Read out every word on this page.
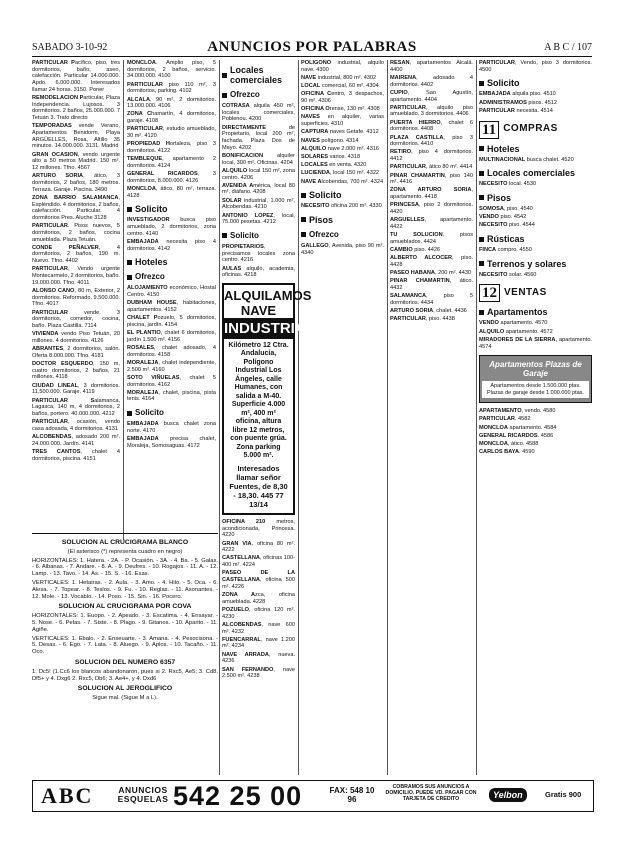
SABADO 3-10-92	ANUNCIOS POR PALABRAS	A B C / 107

PARTICULAR Pacífico, piso, tres dormitorios, baño, aseo, calefacción. Particular 14.000.000. Apdo. 6.000.000. Interesados llamar 24 horas. 3150. Poner

REMODELACION Particular, Plaza Independencia. Lujosos. 3 dormitorios. 2 baños, 25.000.000. 7 Tetuán 3. Trato directo

TEMPORADAS vende Verano, Apartamentos Benidorm, Playa ARGÜELLES, Rosa, Altillo 35 minutos. 14.000.000. 3131. Madrid

GRAN OCASION, vendo urgente alto a 50 metros Madrid. 150 m². 12 millones. Tfno. 4567

ARTURO SORIA, ático, 3 dormitorios, 2 baños, 180 metros. Terraza. Garaje. Piscina. 3490

ZONA BARRIO SALAMANCA, Espléndido. 4 dormitorios, 2 baños, calefacción. Particular. 4 dormitorios Pres. Aluche 3128

PARTICULAR. Pisos nuevos, 5 dormitorios, 2 baños, cocina amueblada. Plaza Tetuán.

CONDE PEÑALVER, 4 dormitorios, 2 baños, 190 m. Nuevo. Tfno. 4402

PARTICULAR, Vendo urgente Montecarmelo, 2 dormitorios, baño. 19.000.000. Tfno. 4011

ALONSO CANO, 80 m, Exterior, 2 dormitorios. Reformado. 9.500.000. Tfno. 4017

PARTICULAR vende. 3 dormitorios, comedor, cocina, baño. Plaza Castilla. 7114

VIVIENDA vendo Piso Tetuán, 20 millones. 4 dormitorios. 4126

ABRANTES, 2 dormitorios, salón. Oferta 8.000.000. Tfno. 4181

DOCTOR ESQUERDO, 150 m, cuatro dormitorios, 2 baños, 21 millones. 4118

CIUDAD LINEAL, 3 dormitorios. 11.500.000. Garaje. 4119

PARTICULAR Salamanca, Lagasca, 140 m, 4 dormitorios, 2 baños, portero. 40.000.000. 4212

PARTICULAR, ocasión, vendo casa adosada, 4 dormitorios. 4131

ALCOBENDAS, adosado 200 m². 24.000.000. Jardín. 4141

TRES CANTOS, chalet 4 dormitorios, piscina. 4151

MONCLOA. Amplio piso, 5 dormitorios, 2 baños, servicio. 34.000.000. 4100

PARTICULAR piso 110 m², 3 dormitorios, parking. 4102

ALCALA, 90 m², 2 dormitorios. 13.000.000. 4106

ZONA Chamartín, 4 dormitorios, garaje. 4108

PARTICULAR, estudio amueblado, 30 m². 4120

PROPIEDAD Hortaleza, piso 3 dormitorios. 4122

TEMBLEQUE, apartamento 2 dormitorios. 4124

GENERAL RICARDOS, 3 dormitorios, 8.000.000. 4126

MONCLOA, ático, 80 m², terraza. 4128

Solicito

INVESTIGADOR busca piso amueblado, 2 dormitorios, zona centro. 4140

EMBAJADA necesita piso 4 dormitorios. 4142

Hoteles
Ofrezco

ALOJAMIENTO económico, Hostal Centro. 4150

DUBHAM HOUSE, habitaciones, apartamentos. 4152

CHALET Pozuelo, 5 dormitorios, piscina, jardín. 4154

EL PLANTIO, chalet 6 dormitorios, jardín 1.500 m². 4156

ROSALES, chalet adosado, 4 dormitorios. 4158

MORALEJA, chalet independiente, 2.500 m². 4160

SOTO VIÑUELAS, chalet 5 dormitorios. 4162

MORALEJA, chalet, piscina, pista tenis. 4164

Solicito

EMBAJADA busca chalet zona norte. 4170

EMBAJADA precisa chalet, Moraleja, Somosaguas. 4172

SOLUCION AL CRUCIGRAMA BLANCO

(El asterisco (*) representa cuadro en negro)

HORIZONTALES: 1. Hatera. - 2A. - P. Ocasión. - 3A. - 4. Ba. - 5. Galas. - 6. Albanas. - 7. Andare. - 8. A. - 9. Deufres. - 10. Rogajos. - 11. A. - 12. Lamp. - 13. Tavo. - 14. As. - 15. S. - 16. Esas.

VERTICALES: 1. Hetairas. - 2. Aula. - 3. Amo. - 4. Hilo. - 5. Oca. - 6. Alesa. - 7. Topear. - 8. Teslos. - 9. Fu. - 10. Reglas. - 11. Asonantes. - 12. Mole. - 13. Vocablo. - 14. Poso. - 15. Sin. - 16. Pocero.

SOLUCION AL CRUCIGRAMA POR COVA

HORIZONTALES: 1. Euopo. - 2. Apeado. - 3. Escatima. - 4. Ensayar. - 5. Nose. - 6. Pelas. - 7. Siste. - 8. Plago. - 9. Gitanos. - 10. Aparito. - 11. Agiñe.

VERTICALES: 1. Ebalo. - 2. Enseuarte. - 3. Amana. - 4. Pesocisona. - 5. Desas. - 6. Ego. - 7. Lata. - 8. Aluego. - 9. Aplos. - 10. Tacaño. - 11. Oco.

SOLUCION DEL NUMERO 6357

1. Dc5! (1.Cc6 los blancos abandonaron, pues si 2. Rxc5, Ae5; 3. Cd8, Df5+ y 4. Dxg6 2. Rxc5, Db6; 3. Ae4+, y 4. Dxd6

SOLUCION AL JEROGLIFICO

Sigue mal. (Sigue M a L).

Locales comerciales
Ofrezco

COTRASA alquila 450 m², locales comerciales, Poblenou. 4200

DIRECTAMENTE de Propietario, local 200 m², fachada. Plaza Dos de Mayo. 4202

BONIFICACION alquiler local, 300 m². Oficinas. 4204

ALQUILO local 150 m², zona centro. 4206

AVENIDA América, local 80 m², diáfano. 4208

SOLAR industrial, 1.000 m², Alcobendas. 4210

ANTONIO LOPEZ, local, 75.000 pesetas. 4212

Solicito

PROPIETARIOS, precisamos locales zona centro. 4216

AULAS alquilo, academia, oficinas. 4218

ALQUILAMOS NAVE
INDUSTRIAL
Kilómetro 12 Ctra. Andalucía, Polígono Industrial Los Ángeles, calle Humanes, con salida a M-40. Superficie 4.000 m², 400 m² oficina, altura libre 12 metros, con puente grúa. Zona parking 5.000 m².
Interesados llamar señor Fuentes, de 8,30 - 18,30. 445 77 13/14

OFICINA 210 metros, acondicionada, Princesa. 4220

GRAN VIA, oficina 80 m². 4222

CASTELLANA, oficinas 100-400 m². 4224

PASEO DE LA CASTELLANA, oficina 500 m². 4226

ZONA Azca, oficina amueblada. 4228

POZUELO, oficina 120 m². 4230

ALCOBENDAS, nave 600 m². 4232

FUENCARRAL, nave 1.200 m². 4234

NAVE ARRADA, nueva. 4236

SAN FERNANDO, nave 2.500 m². 4238

POLIGONO industrial, alquilo nave. 4300

NAVE industrial, 800 m². 4302

LOCAL comercial, 60 m². 4304

OFICINA Centro, 3 despachos, 90 m². 4306

OFICINA Orense, 130 m². 4308

NAVES en alquiler, varias superficies. 4310

CAPTURA naves Getafe. 4312

NAVES polígono. 4314

ALQUILO nave 2.000 m². 4316

SOLARES varios. 4318

LOCALES en venta. 4320

LUCIENDA, local 150 m². 4322

NAVE Alcobendas, 700 m². 4324

Solicito

NECESITO oficina 200 m². 4330

Pisos
Ofrezco

GALLEGO, Avenida, piso 90 m². 4340

RESAN, apartamentos Alcalá. 4400

MAIRENA, adosado 4 dormitorios. 4402

CUPIO, San Agustín, apartamento. 4404

PARTICULAR, alquilo piso amueblado, 3 dormitorios. 4406

PUERTA HIERRO, chalet 6 dormitorios. 4408

PLAZA CASTILLA, piso 3 dormitorios. 4410

RETIRO, piso 4 dormitorios. 4412

PARTICULAR, ático 80 m². 4414

PINAR CHAMARTIN, piso 140 m². 4416

ZONA ARTURO SORIA, apartamento. 4418

PRINCESA, piso 2 dormitorios. 4420

ARGUELLES, apartamento. 4422

TU SOLUCION, pisos amueblados. 4424

CAMBIO piso. 4426

ALBERTO ALCOCER, piso. 4428

PASEO HABANA, 200 m². 4430

PINAR CHAMARTIN, ático. 4432

SALAMANCA, piso 5 dormitorios. 4434

ARTURO SORIA, chalet. 4436

PARTICULAR, piso. 4438

PARTICULAR, Vendo, piso 3 dormitorios. 4500

Solicito

EMBAJADA alquila piso. 4510

ADMINISTRAMOS pisos. 4512

PARTICULAR necesita. 4514

11 COMPRAS
Hoteles

MULTINACIONAL busca chalet. 4520

Locales comerciales

NECESITO local. 4530

Pisos

SOMOSA, piso. 4540

VENDO piso. 4542

NECESITO piso. 4544

Rústicas

FINCA compro. 4550

Terrenos y solares

NECESITO solar. 4560

12 VENTAS
Apartamentos

VENDO apartamento. 4570

ALQUILO apartamento. 4572

MIRADORES DE LA SIERRA, apartamento. 4574

Apartamentos Plazas de Garaje
Apartamentos desde 1.500.000 ptas. Plazas de garaje desde 1.000.000 ptas.

APARTAMENTO, vendo. 4580

PARTICULAR. 4582

MONCLOA apartamento. 4584

GENERAL RICARDOS. 4586

MONCLOA, ático. 4588

CARLOS BAYA. 4590

ABC	ANUNCIOS ESQUELAS 542 25 00	FAX: 548 10 96
COBRAMOS SUS ANUNCIOS A DOMICILIO. PUEDE VD. PAGAR CON TARJETA DE CREDITO	Yelbon	Gratis 900
